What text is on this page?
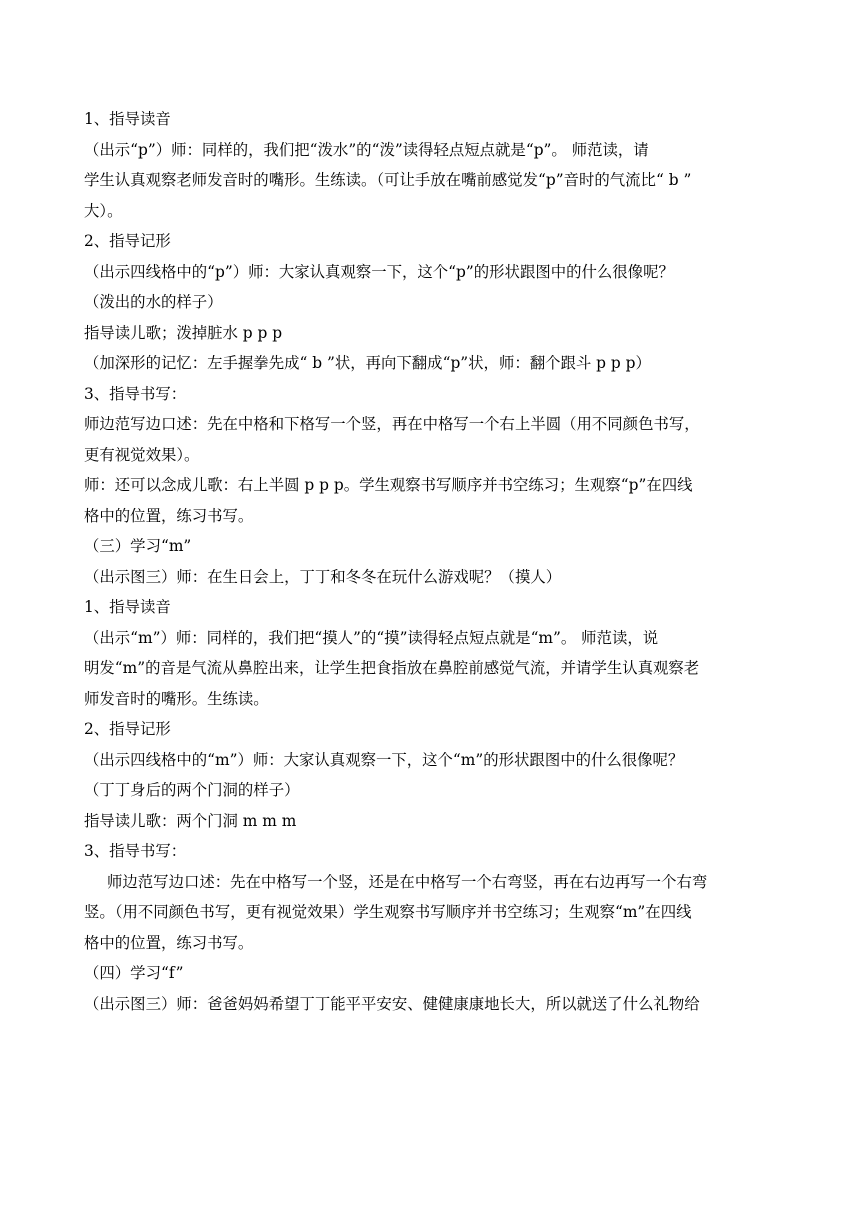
1、指导读音

（出示“p”）师：同样的，我们把“泼水”的“泼”读得轻点短点就是“p”。 师范读，请

学生认真观察老师发音时的嘴形。生练读。（可让手放在嘴前感觉发“p”音时的气流比“ b ”

大）。

2、指导记形

（出示四线格中的“p”）师：大家认真观察一下，这个“p”的形状跟图中的什么很像呢？

（泼出的水的样子）

指导读儿歌；泼掉脏水 p p p

（加深形的记忆：左手握拳先成“ b ”状，再向下翻成“p”状，师：翻个跟斗 p p p）

3、指导书写：

师边范写边口述：先在中格和下格写一个竖，再在中格写一个右上半圆（用不同颜色书写，

更有视觉效果）。

师：还可以念成儿歌：右上半圆 p p p。学生观察书写顺序并书空练习；生观察“p”在四线

格中的位置，练习书写。

（三）学习“m”

（出示图三）师：在生日会上，丁丁和冬冬在玩什么游戏呢？（摸人）

1、指导读音

（出示“m”）师：同样的，我们把“摸人”的“摸”读得轻点短点就是“m”。 师范读，说

明发“m”的音是气流从鼻腔出来，让学生把食指放在鼻腔前感觉气流，并请学生认真观察老

师发音时的嘴形。生练读。

2、指导记形

（出示四线格中的“m”）师：大家认真观察一下，这个“m”的形状跟图中的什么很像呢？

（丁丁身后的两个门洞的样子）

指导读儿歌：两个门洞 m m m

3、指导书写：

师边范写边口述：先在中格写一个竖，还是在中格写一个右弯竖，再在右边再写一个右弯

竖。（用不同颜色书写，更有视觉效果）学生观察书写顺序并书空练习；生观察“m”在四线

格中的位置，练习书写。

（四）学习“f”

（出示图三）师：爸爸妈妈希望丁丁能平平安安、健健康康地长大，所以就送了什么礼物给
